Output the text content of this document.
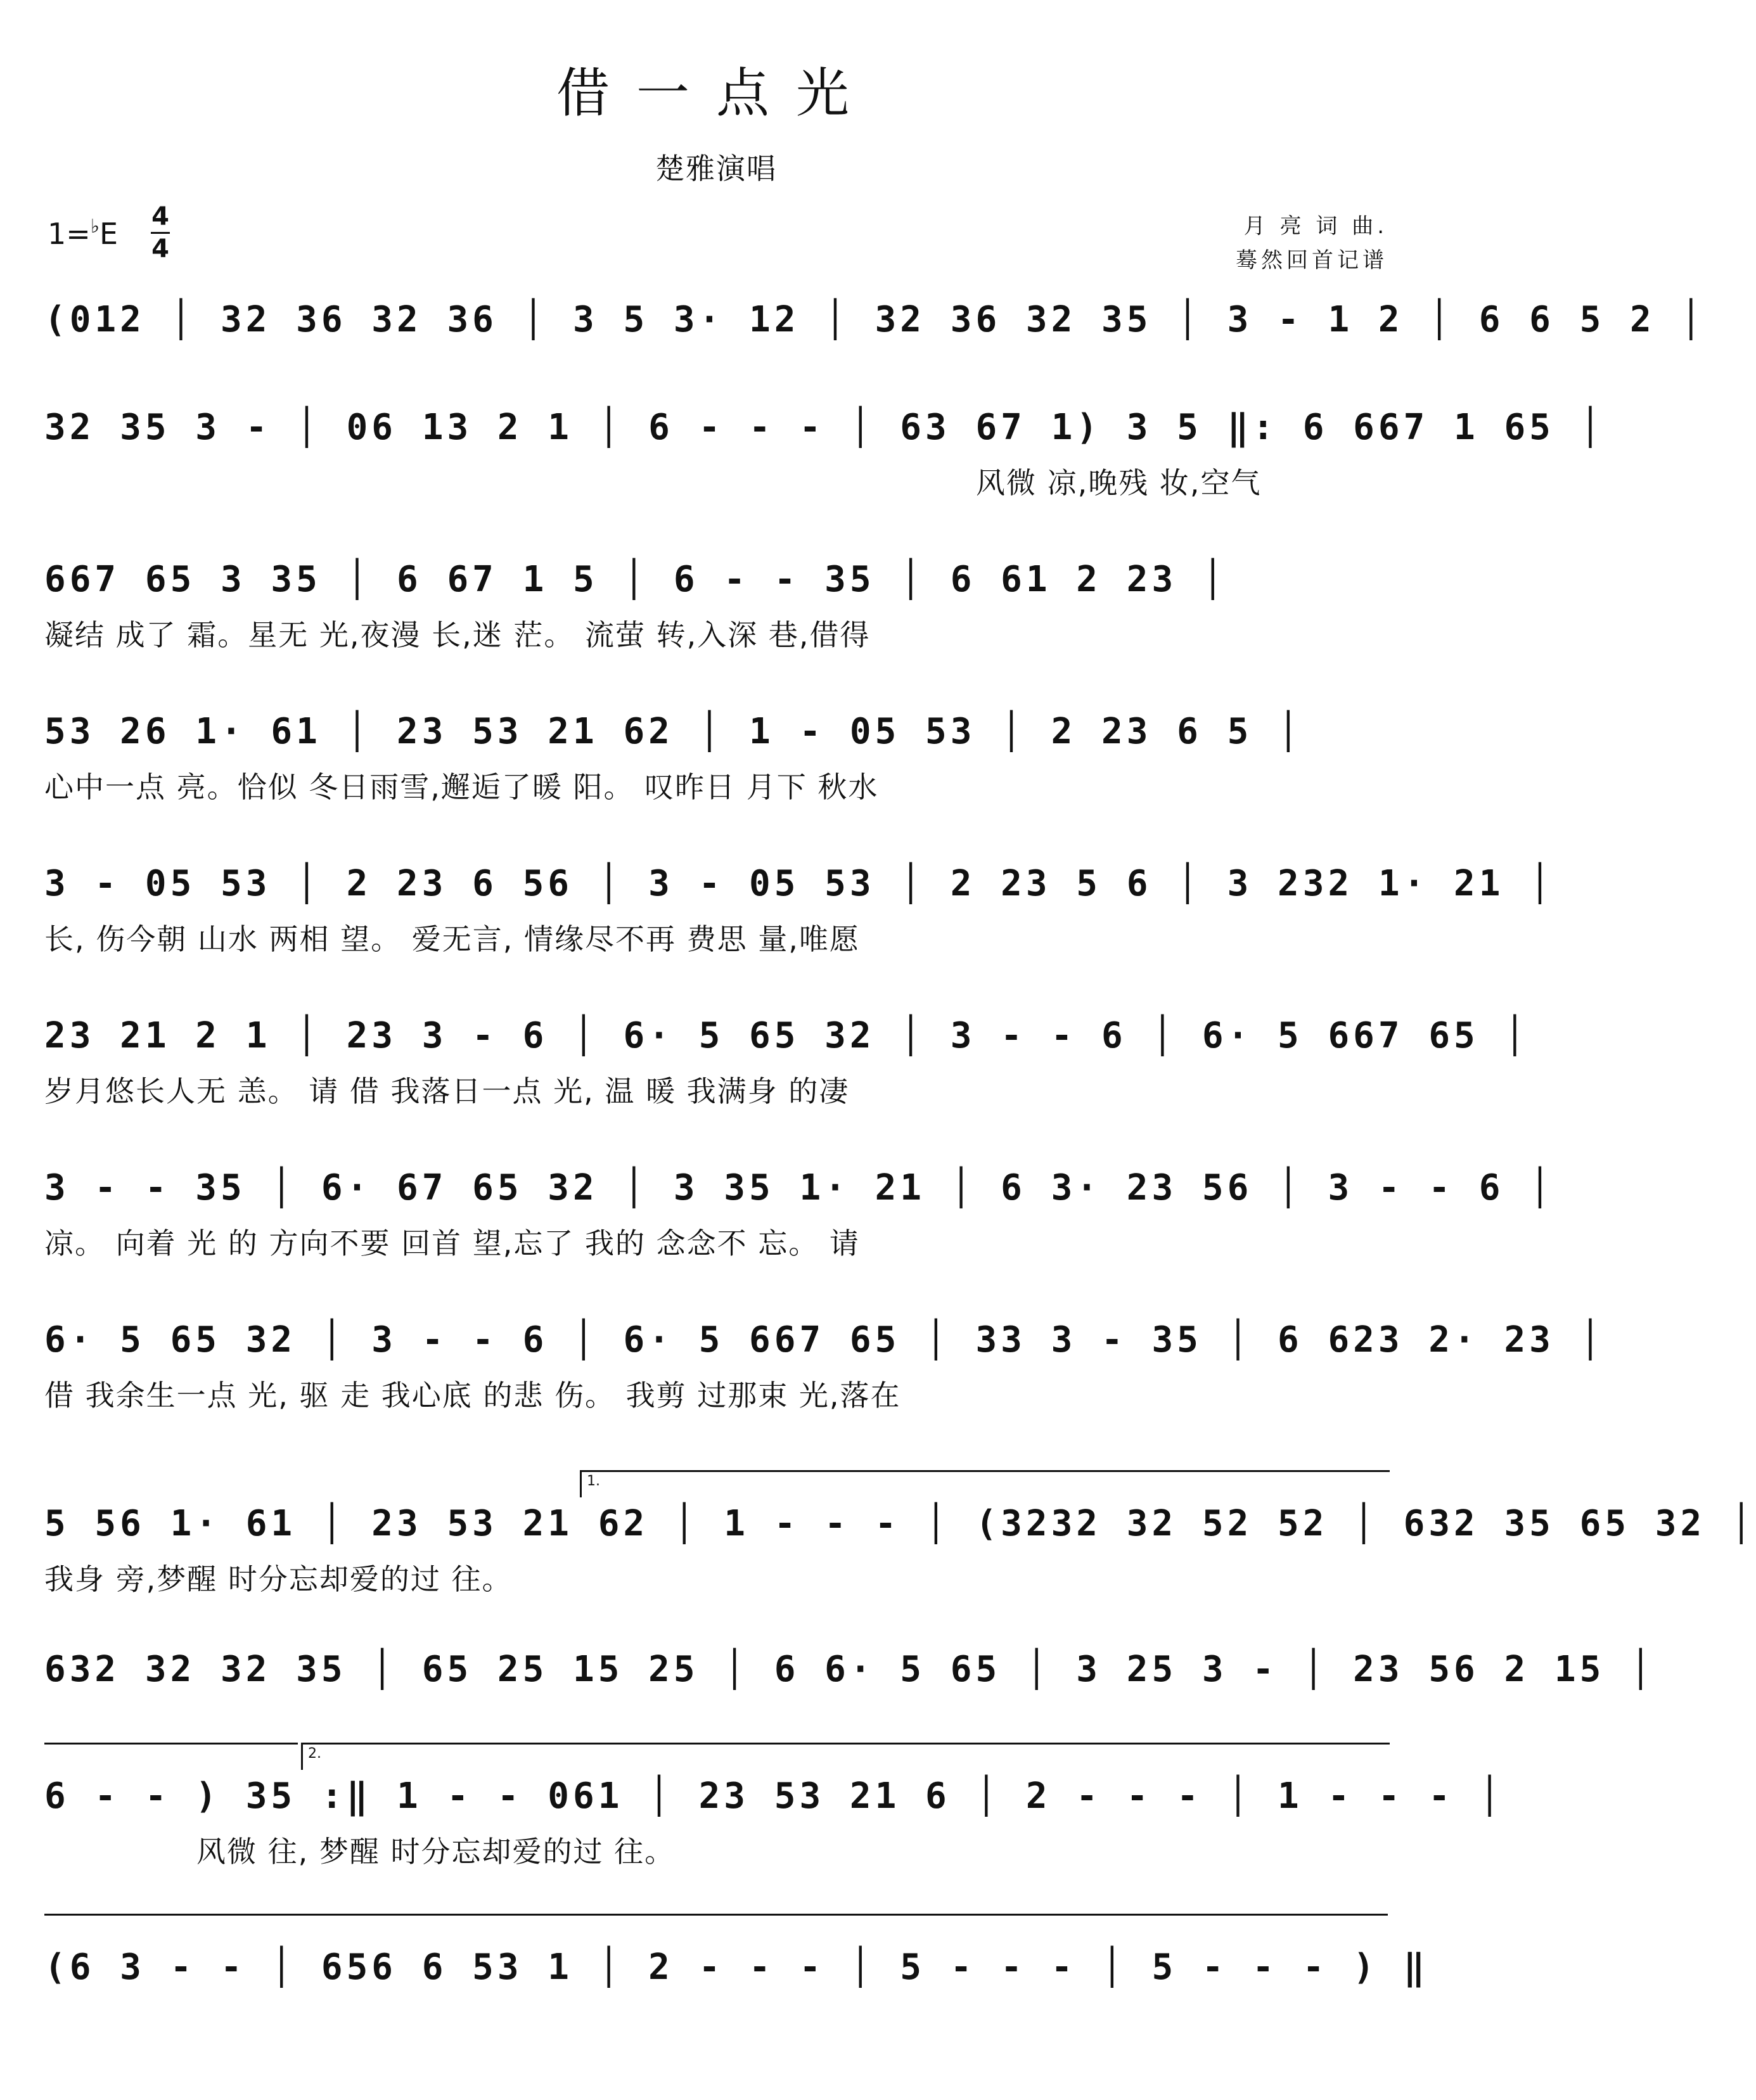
借一点光
楚雅演唱
1=♭E 4
4
月 亮 词 曲.
蓦然回首记谱
(012 │ 32 36 32 36 │ 3 5 3· 12 │ 32 36 32 35 │ 3 - 1 2 │ 6 6 5 2 │
32 35 3 - │ 06 13 2 1 │ 6 - - - │ 63 67 1) 3 5 ‖: 6 667 1 65 │
风微 凉,晚残 妆,空气
667 65 3 35 │ 6 67 1 5 │ 6 - - 35 │ 6 61 2 23 │
凝结 成了 霜。星无 光,夜漫 长,迷 茫。 流萤 转,入深 巷,借得
53 26 1· 61 │ 23 53 21 62 │ 1 - 05 53 │ 2 23 6 5 │
心中一点 亮。恰似 冬日雨雪,邂逅了暖 阳。 叹昨日 月下 秋水
3 - 05 53 │ 2 23 6 56 │ 3 - 05 53 │ 2 23 5 6 │ 3 232 1· 21 │
长, 伤今朝 山水 两相 望。 爱无言, 情缘尽不再 费思 量,唯愿
23 21 2 1 │ 23 3 - 6 │ 6· 5 65 32 │ 3 - - 6 │ 6· 5 667 65 │
岁月悠长人无 恙。 请 借 我落日一点 光, 温 暖 我满身 的凄
3 - - 35 │ 6· 67 65 32 │ 3 35 1· 21 │ 6 3· 23 56 │ 3 - - 6 │
凉。 向着 光 的 方向不要 回首 望,忘了 我的 念念不 忘。 请
6· 5 65 32 │ 3 - - 6 │ 6· 5 667 65 │ 33 3 - 35 │ 6 623 2· 23 │
借 我余生一点 光, 驱 走 我心底 的悲 伤。 我剪 过那束 光,落在
1.
5 56 1· 61 │ 23 53 21 62 │ 1 - - - │ (3232 32 52 52 │ 632 35 65 32 │
我身 旁,梦醒 时分忘却爱的过 往。
632 32 32 35 │ 65 25 15 25 │ 6 6· 5 65 │ 3 25 3 - │ 23 56 2 15 │
2.
6 - - ) 35 :‖ 1 - - 061 │ 23 53 21 6 │ 2 - - - │ 1 - - - │
风微 往, 梦醒 时分忘却爱的过 往。
(6 3 - - │ 656 6 53 1 │ 2 - - - │ 5 - - - │ 5 - - - ) ‖
